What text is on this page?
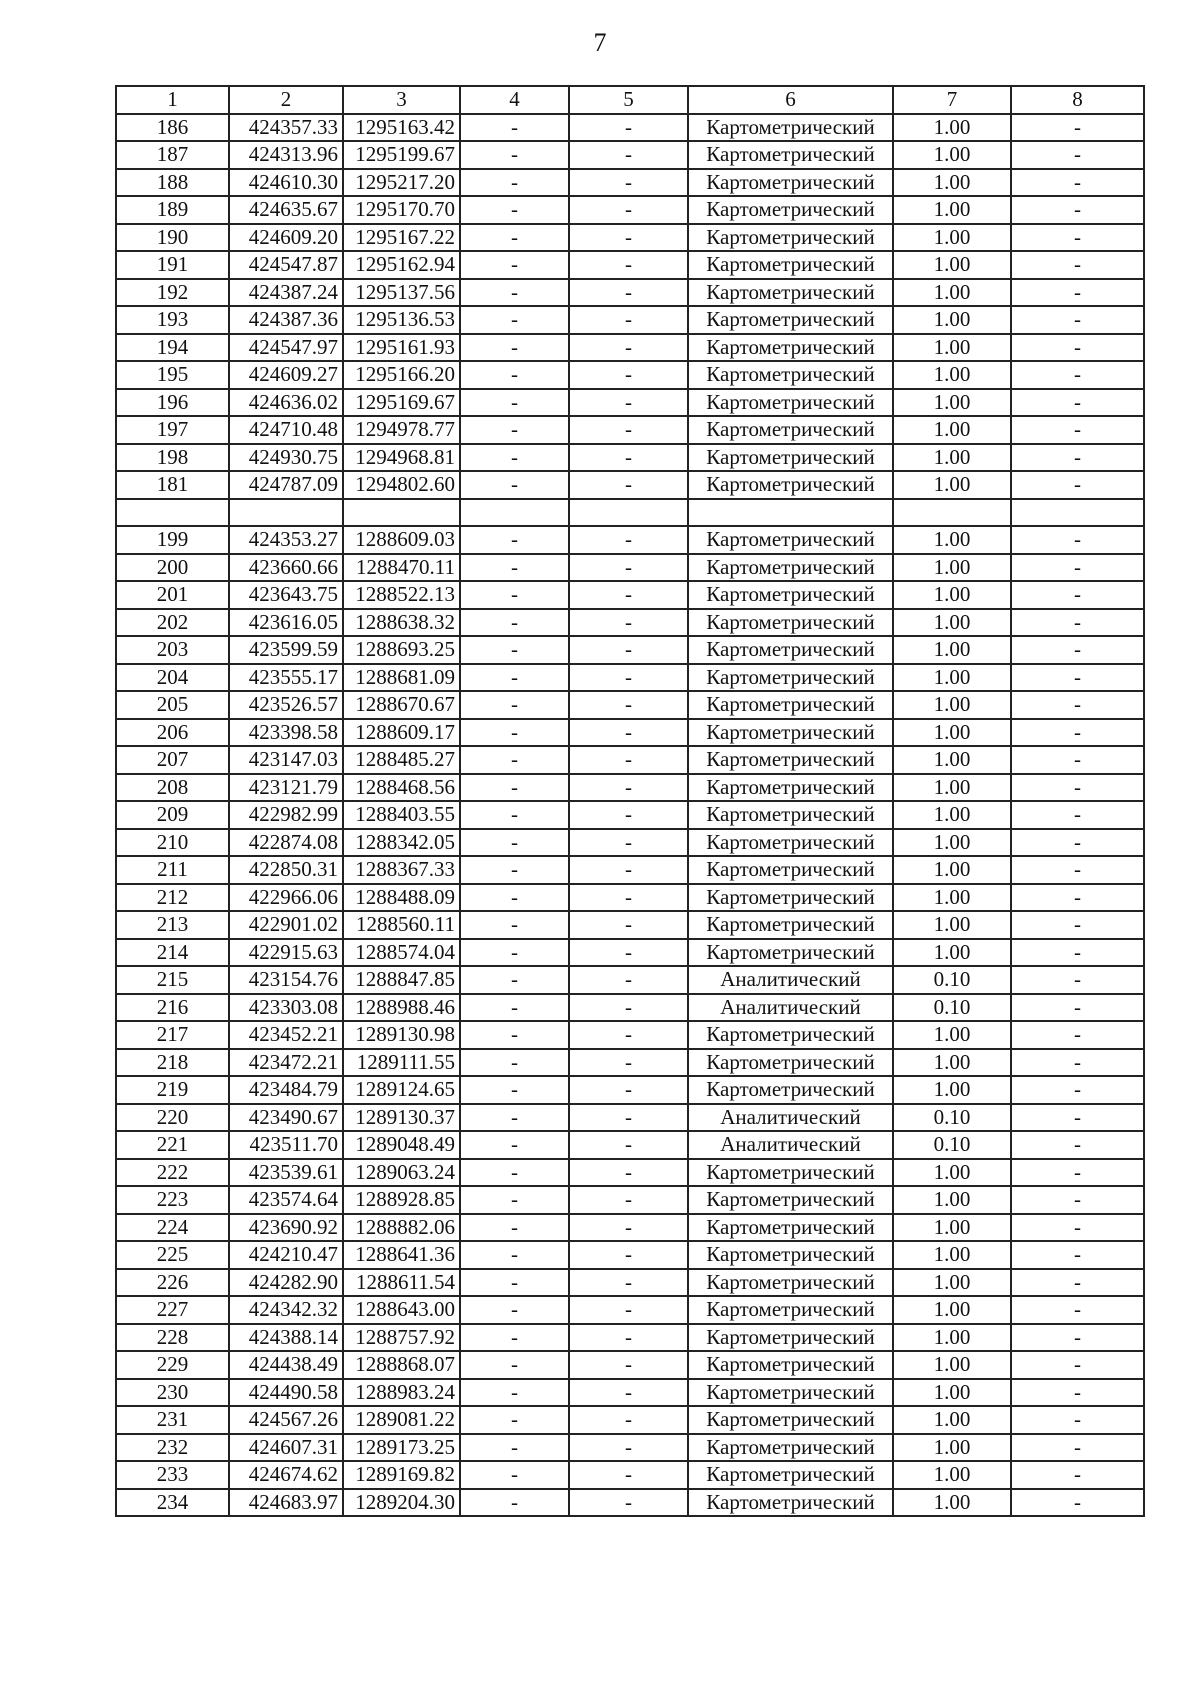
7
1	2	3	4	5	6	7	8
186	424357.33	1295163.42	-	-	Картометрический	1.00	-
187	424313.96	1295199.67	-	-	Картометрический	1.00	-
188	424610.30	1295217.20	-	-	Картометрический	1.00	-
189	424635.67	1295170.70	-	-	Картометрический	1.00	-
190	424609.20	1295167.22	-	-	Картометрический	1.00	-
191	424547.87	1295162.94	-	-	Картометрический	1.00	-
192	424387.24	1295137.56	-	-	Картометрический	1.00	-
193	424387.36	1295136.53	-	-	Картометрический	1.00	-
194	424547.97	1295161.93	-	-	Картометрический	1.00	-
195	424609.27	1295166.20	-	-	Картометрический	1.00	-
196	424636.02	1295169.67	-	-	Картометрический	1.00	-
197	424710.48	1294978.77	-	-	Картометрический	1.00	-
198	424930.75	1294968.81	-	-	Картометрический	1.00	-
181	424787.09	1294802.60	-	-	Картометрический	1.00	-

199	424353.27	1288609.03	-	-	Картометрический	1.00	-
200	423660.66	1288470.11	-	-	Картометрический	1.00	-
201	423643.75	1288522.13	-	-	Картометрический	1.00	-
202	423616.05	1288638.32	-	-	Картометрический	1.00	-
203	423599.59	1288693.25	-	-	Картометрический	1.00	-
204	423555.17	1288681.09	-	-	Картометрический	1.00	-
205	423526.57	1288670.67	-	-	Картометрический	1.00	-
206	423398.58	1288609.17	-	-	Картометрический	1.00	-
207	423147.03	1288485.27	-	-	Картометрический	1.00	-
208	423121.79	1288468.56	-	-	Картометрический	1.00	-
209	422982.99	1288403.55	-	-	Картометрический	1.00	-
210	422874.08	1288342.05	-	-	Картометрический	1.00	-
211	422850.31	1288367.33	-	-	Картометрический	1.00	-
212	422966.06	1288488.09	-	-	Картометрический	1.00	-
213	422901.02	1288560.11	-	-	Картометрический	1.00	-
214	422915.63	1288574.04	-	-	Картометрический	1.00	-
215	423154.76	1288847.85	-	-	Аналитический	0.10	-
216	423303.08	1288988.46	-	-	Аналитический	0.10	-
217	423452.21	1289130.98	-	-	Картометрический	1.00	-
218	423472.21	1289111.55	-	-	Картометрический	1.00	-
219	423484.79	1289124.65	-	-	Картометрический	1.00	-
220	423490.67	1289130.37	-	-	Аналитический	0.10	-
221	423511.70	1289048.49	-	-	Аналитический	0.10	-
222	423539.61	1289063.24	-	-	Картометрический	1.00	-
223	423574.64	1288928.85	-	-	Картометрический	1.00	-
224	423690.92	1288882.06	-	-	Картометрический	1.00	-
225	424210.47	1288641.36	-	-	Картометрический	1.00	-
226	424282.90	1288611.54	-	-	Картометрический	1.00	-
227	424342.32	1288643.00	-	-	Картометрический	1.00	-
228	424388.14	1288757.92	-	-	Картометрический	1.00	-
229	424438.49	1288868.07	-	-	Картометрический	1.00	-
230	424490.58	1288983.24	-	-	Картометрический	1.00	-
231	424567.26	1289081.22	-	-	Картометрический	1.00	-
232	424607.31	1289173.25	-	-	Картометрический	1.00	-
233	424674.62	1289169.82	-	-	Картометрический	1.00	-
234	424683.97	1289204.30	-	-	Картометрический	1.00	-
